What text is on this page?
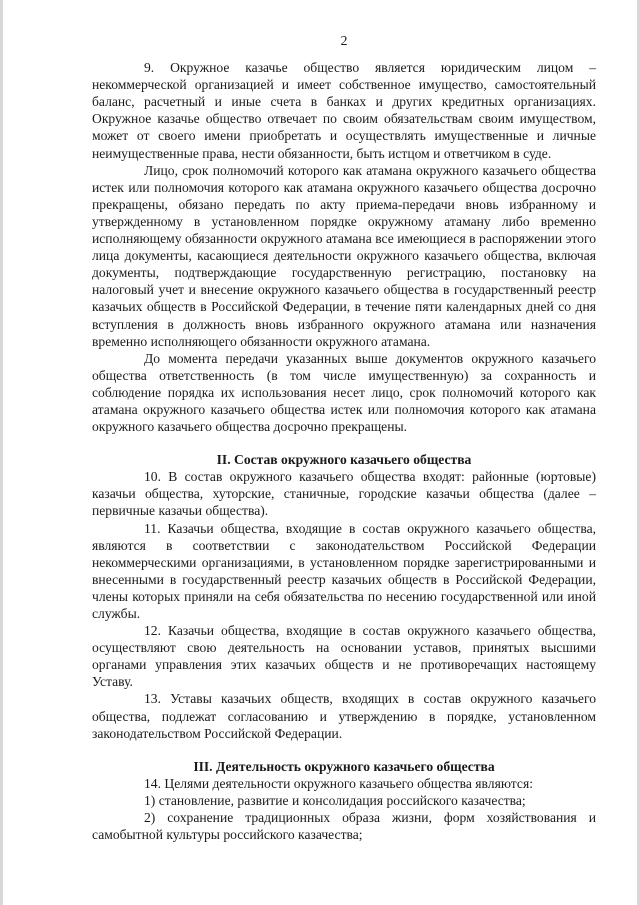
2

9. Окружное казачье общество является юридическим лицом – некоммерческой организацией и имеет собственное имущество, самостоятельный баланс, расчетный и иные счета в банках и других кредитных организациях. Окружное казачье общество отвечает по своим обязательствам своим имуществом, может от своего имени приобретать и осуществлять имущественные и личные неимущественные права, нести обязанности, быть истцом и ответчиком в суде.

Лицо, срок полномочий которого как атамана окружного казачьего общества истек или полномочия которого как атамана окружного казачьего общества досрочно прекращены, обязано передать по акту приема-передачи вновь избранному и утвержденному в установленном порядке окружному атаману либо временно исполняющему обязанности окружного атамана все имеющиеся в распоряжении этого лица документы, касающиеся деятельности окружного казачьего общества, включая документы, подтверждающие государственную регистрацию, постановку на налоговый учет и внесение окружного казачьего общества в государственный реестр казачьих обществ в Российской Федерации, в течение пяти календарных дней со дня вступления в должность вновь избранного окружного атамана или назначения временно исполняющего обязанности окружного атамана.

До момента передачи указанных выше документов окружного казачьего общества ответственность (в том числе имущественную) за сохранность и соблюдение порядка их использования несет лицо, срок полномочий которого как атамана окружного казачьего общества истек или полномочия которого как атамана окружного казачьего общества досрочно прекращены.

II. Состав окружного казачьего общества

10. В состав окружного казачьего общества входят: районные (юртовые) казачьи общества, хуторские, станичные, городские казачьи общества (далее – первичные казачьи общества).

11. Казачьи общества, входящие в состав окружного казачьего общества, являются в соответствии с законодательством Российской Федерации некоммерческими организациями, в установленном порядке зарегистрированными и внесенными в государственный реестр казачьих обществ в Российской Федерации, члены которых приняли на себя обязательства по несению государственной или иной службы.

12. Казачьи общества, входящие в состав окружного казачьего общества, осуществляют свою деятельность на основании уставов, принятых высшими органами управления этих казачьих обществ и не противоречащих настоящему Уставу.

13. Уставы казачьих обществ, входящих в состав окружного казачьего общества, подлежат согласованию и утверждению в порядке, установленном законодательством Российской Федерации.

III. Деятельность окружного казачьего общества

14. Целями деятельности окружного казачьего общества являются:

1) становление, развитие и консолидация российского казачества;

2) сохранение традиционных образа жизни, форм хозяйствования и самобытной культуры российского казачества;
